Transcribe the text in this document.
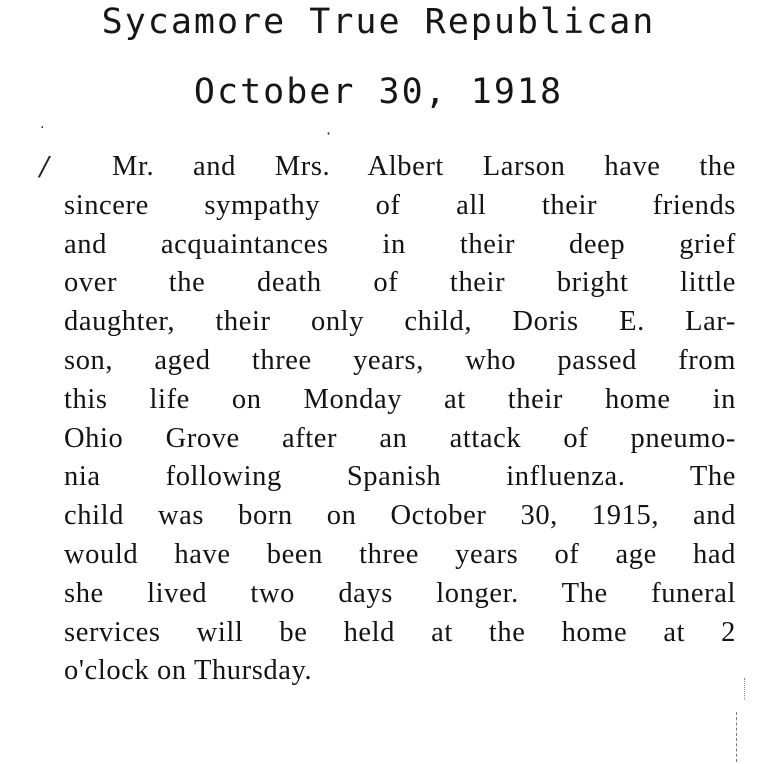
Sycamore True Republican
October 30, 1918
·	·
/	Mr. and Mrs. Albert Larson have the
sincere sympathy of all their friends
and acquaintances in their deep grief
over the death of their bright little
daughter, their only child, Doris E. Lar-
son, aged three years, who passed from
this life on Monday at their home in
Ohio Grove after an attack of pneumo-
nia following Spanish influenza. The
child was born on October 30, 1915, and
would have been three years of age had
she lived two days longer. The funeral
services will be held at the home at 2
o'clock on Thursday.
